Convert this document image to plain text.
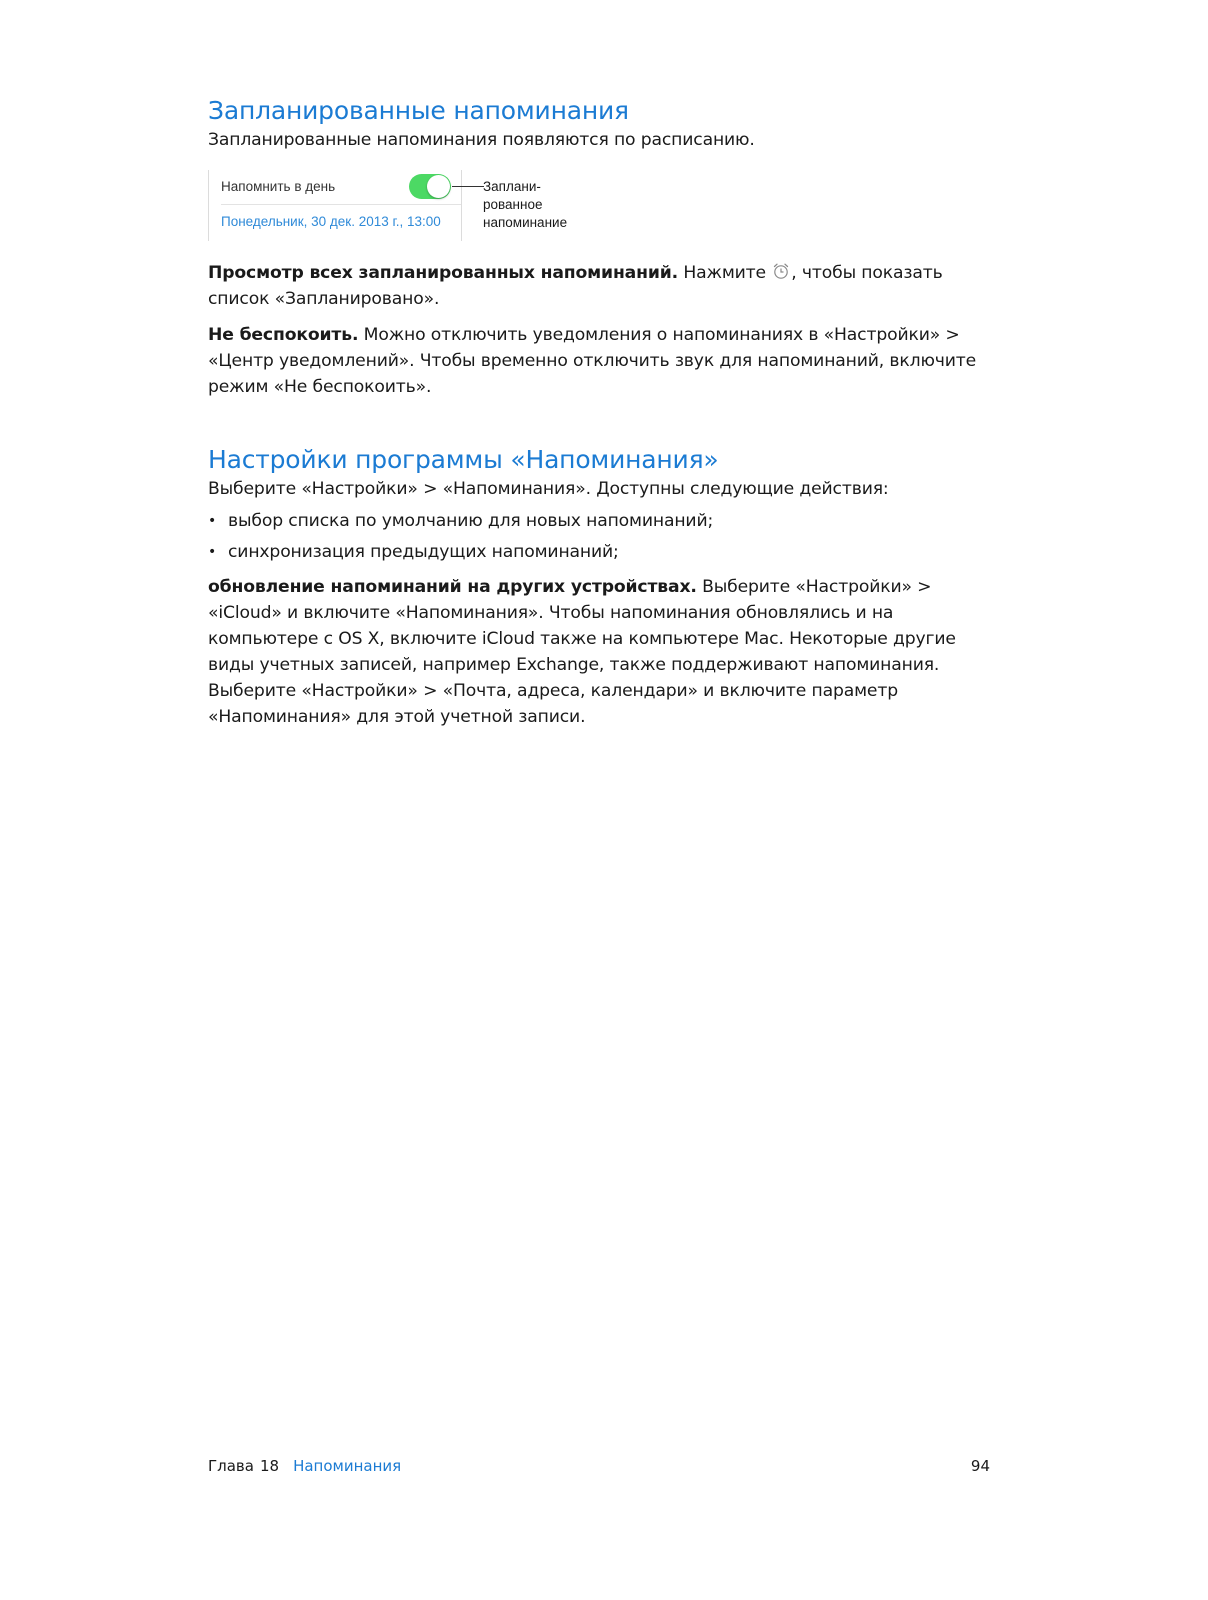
Запланированные напоминания

Запланированные напоминания появляются по расписанию.

Напомнить в день
Понедельник, 30 дек. 2013 г., 13:00
Заплани-
рованное
напоминание

Просмотр всех запланированных напоминаний. Нажмите , чтобы показать список «Запланировано».

Не беспокоить. Можно отключить уведомления о напоминаниях в «Настройки» > «Центр уведомлений». Чтобы временно отключить звук для напоминаний, включите режим «Не беспокоить».

Настройки программы «Напоминания»

Выберите «Настройки» > «Напоминания». Доступны следующие действия:

• выбор списка по умолчанию для новых напоминаний;
• синхронизация предыдущих напоминаний;

обновление напоминаний на других устройствах. Выберите «Настройки» > «iCloud» и включите «Напоминания». Чтобы напоминания обновлялись и на компьютере с OS X, включите iCloud также на компьютере Mac. Некоторые другие виды учетных записей, например Exchange, также поддерживают напоминания. Выберите «Настройки» > «Почта, адреса, календари» и включите параметр «Напоминания» для этой учетной записи.

Глава 18 Напоминания	94
